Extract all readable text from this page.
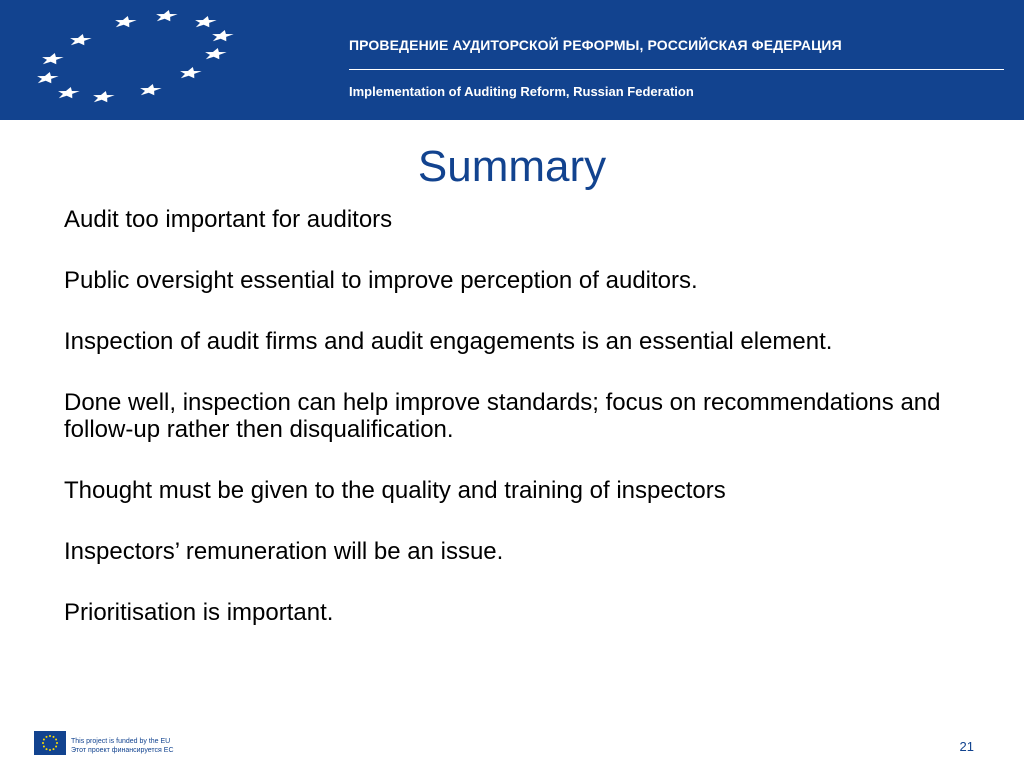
ПРОВЕДЕНИЕ АУДИТОРСКОЙ РЕФОРМЫ, РОССИЙСКАЯ ФЕДЕРАЦИЯ
Implementation of Auditing Reform, Russian Federation
Summary
Audit too important for auditors
Public oversight essential to improve perception of auditors.
Inspection of audit firms and audit engagements is an essential element.
Done well, inspection can help improve standards; focus on recommendations and follow-up rather then disqualification.
Thought must be given to the quality and training of inspectors
Inspectors’ remuneration will be an issue.
Prioritisation is important.
This project is funded by the EU
Этот проект финансируется ЕС	21
